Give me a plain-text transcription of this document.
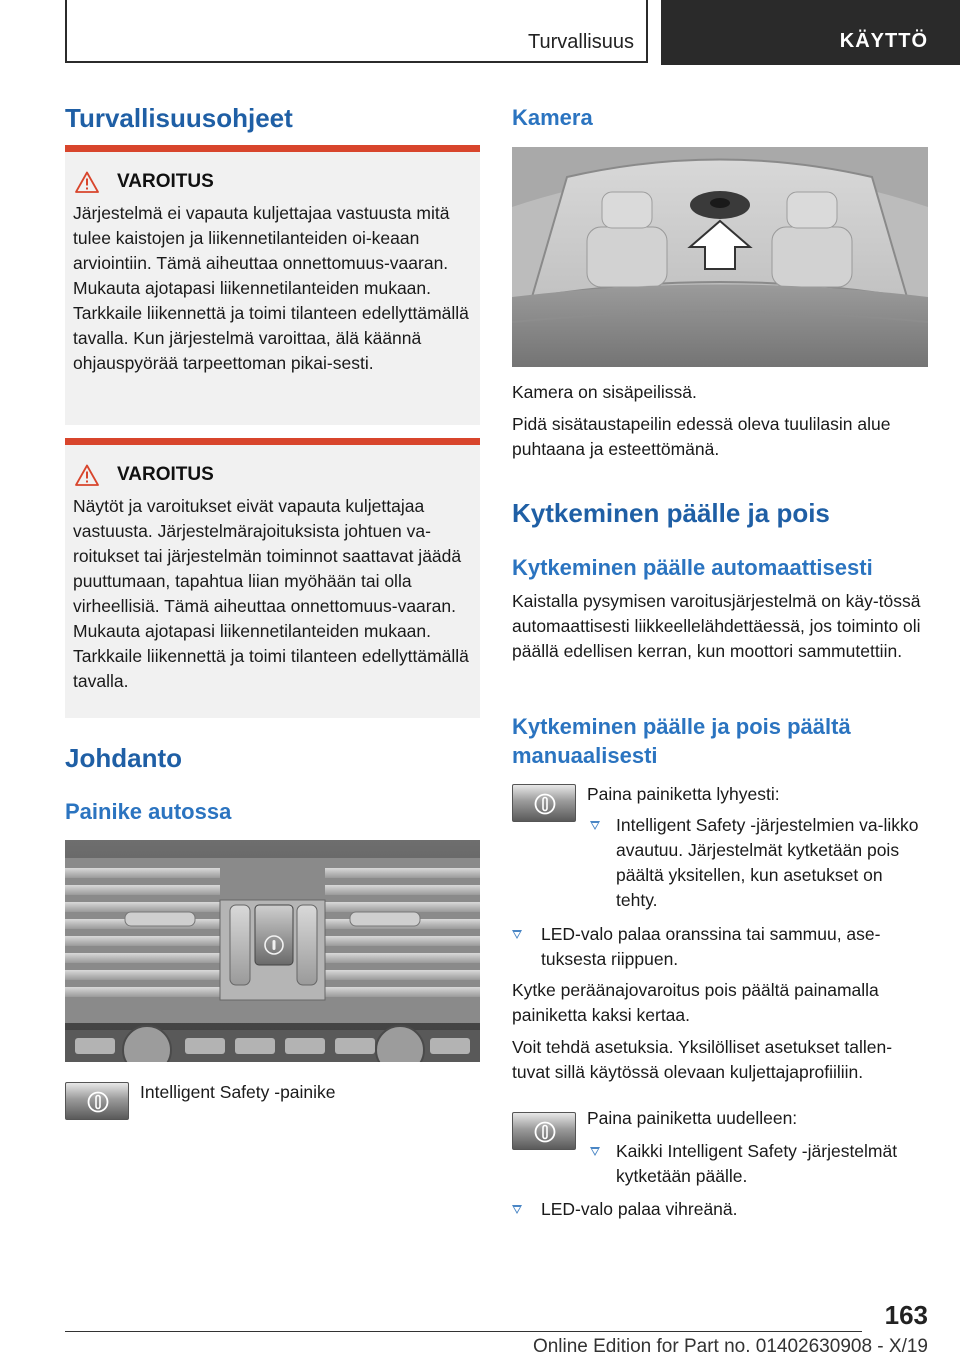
Turvallisuus	KÄYTTÖ
Turvallisuusohjeet
VAROITUS

Järjestelmä ei vapauta kuljettajaa vastuusta mitä tulee kaistojen ja liikennetilanteiden oi-keaan arviointiin. Tämä aiheuttaa onnettomuus-vaaran. Mukauta ajotapasi liikennetilanteiden mukaan. Tarkkaile liikennettä ja toimi tilanteen edellyttämällä tavalla. Kun järjestelmä varoittaa, älä käännä ohjauspyörää tarpeettoman pikai-sesti.

VAROITUS

Näytöt ja varoitukset eivät vapauta kuljettajaa vastuusta. Järjestelmärajoituksista johtuen va-roitukset tai järjestelmän toiminnot saattavat jäädä puuttumaan, tapahtua liian myöhään tai olla virheellisiä. Tämä aiheuttaa onnettomuus-vaaran. Mukauta ajotapasi liikennetilanteiden mukaan. Tarkkaile liikennettä ja toimi tilanteen edellyttämällä tavalla.

Johdanto
Painike autossa

Intelligent Safety -painike

Kamera

Kamera on sisäpeilissä.

Pidä sisätaustapeilin edessä oleva tuulilasin alue puhtaana ja esteettömänä.

Kytkeminen päälle ja pois
Kytkeminen päälle automaattisesti

Kaistalla pysymisen varoitusjärjestelmä on käy-tössä automaattisesti liikkeellelähdettäessä, jos toiminto oli päällä edellisen kerran, kun moottori sammutettiin.

Kytkeminen päälle ja pois päältä manuaalisesti

Paina painiketta lyhyesti:

Intelligent Safety -järjestelmien va-likko avautuu. Järjestelmät kytketään pois päältä yksitellen, kun asetukset on tehty.
LED-valo palaa oranssina tai sammuu, ase-tuksesta riippuen.

Kytke peräänajovaroitus pois päältä painamalla painiketta kaksi kertaa.

Voit tehdä asetuksia. Yksilölliset asetukset tallen-tuvat sillä käytössä olevaan kuljettajaprofiiliin.

Paina painiketta uudelleen:

Kaikki Intelligent Safety -järjestelmät kytketään päälle.
LED-valo palaa vihreänä.
163
Online Edition for Part no. 01402630908 - X/19
